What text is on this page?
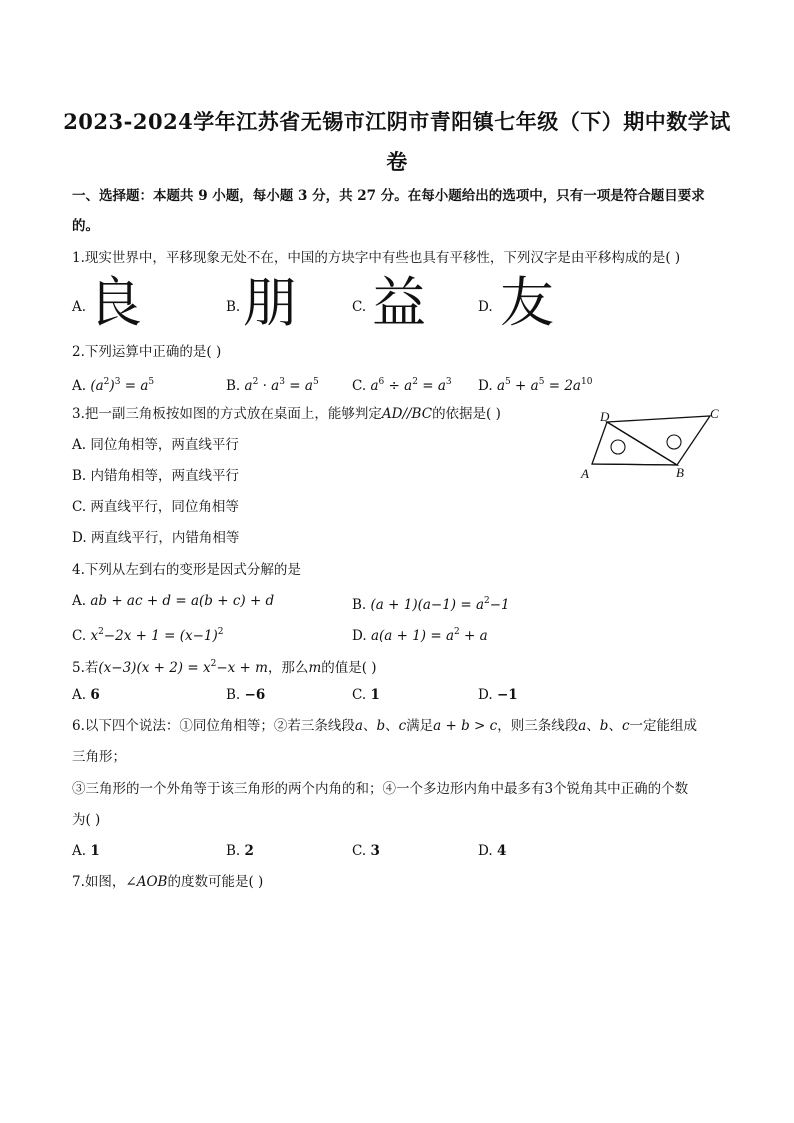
2023-2024学年江苏省无锡市江阴市青阳镇七年级（下）期中数学试
卷
一、选择题：本题共 9 小题，每小题 3 分，共 27 分。在每小题给出的选项中，只有一项是符合题目要求
的。
1.现实世界中，平移现象无处不在，中国的方块字中有些也具有平移性，下列汉字是由平移构成的是( )
A. 良	B. 朋	C. 益	D. 友
2.下列运算中正确的是( )
A. $(a^2)^3 = a^5$	B. $a^2 \cdot a^3 = a^5$ C. $a^6 \div a^2 = a^3$ D. $a^5 + a^5 = 2a^{10}$
3.把一副三角板按如图的方式放在桌面上，能够判定AD//BC的依据是( )
A. 同位角相等，两直线平行
B. 内错角相等，两直线平行
C. 两直线平行，同位角相等
D. 两直线平行，内错角相等
A	B
C
D
4.下列从左到右的变形是因式分解的是
A. ab + ac + d = a(b + c) + d	B. $(a + 1)(a-1) = a^2-1$
C. $x^2-2x + 1 = (x-1)^2$	D. $a(a + 1) = a^2 + a$
5.若$(x-3)(x + 2) = x^2-x + m$，那么m的值是( )
A. 6	B. −6	C. 1	D. −1
6.以下四个说法：①同位角相等；②若三条线段a、b、c满足a + b > c，则三条线段a、b、c一定能组成
三角形；
③三角形的一个外角等于该三角形的两个内角的和；④一个多边形内角中最多有3个锐角其中正确的个数
为( )
A. 1	B. 2	C. 3	D. 4
7.如图，∠AOB的度数可能是( )
